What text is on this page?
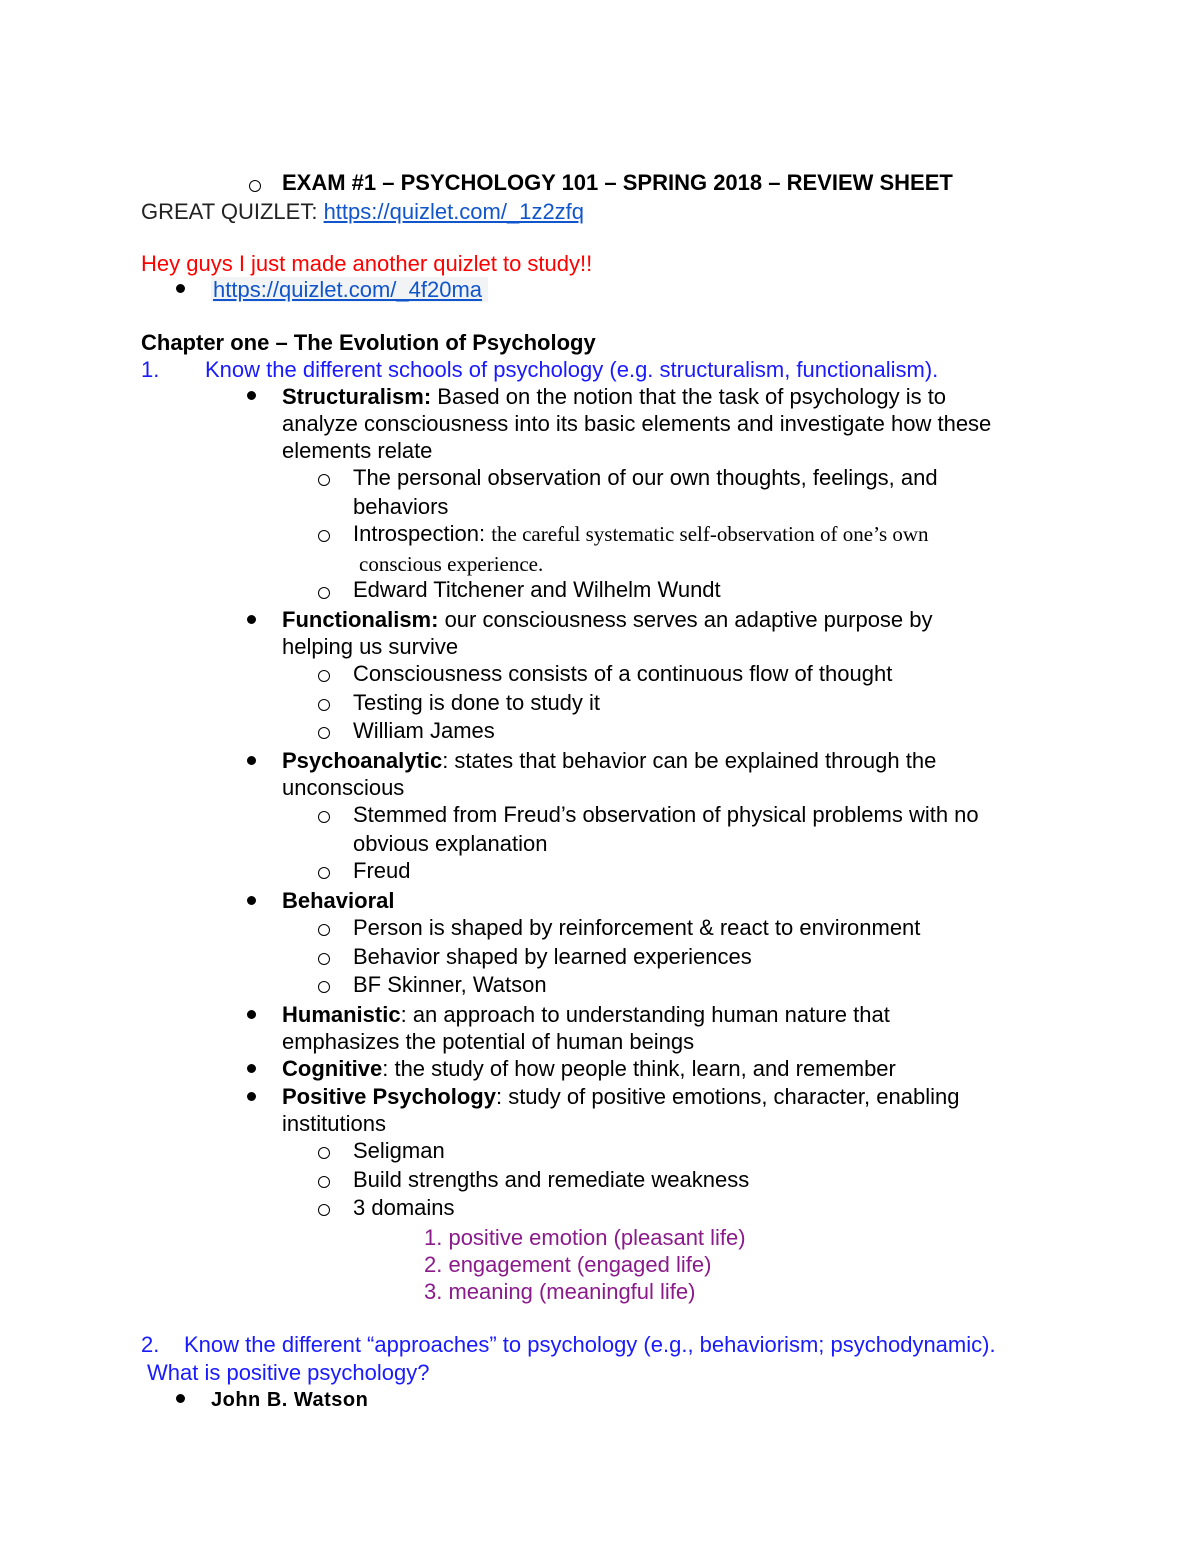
EXAM #1 – PSYCHOLOGY 101 – SPRING 2018 – REVIEW SHEET
GREAT QUIZLET: https://quizlet.com/_1z2zfq
Hey guys I just made another quizlet to study!!
https://quizlet.com/_4f20ma
Chapter one – The Evolution of Psychology
1. Know the different schools of psychology (e.g. structuralism, functionalism).
Structuralism: Based on the notion that the task of psychology is to
analyze consciousness into its basic elements and investigate how these
elements relate
The personal observation of our own thoughts, feelings, and
behaviors
Introspection: the careful systematic self-observation of one’s own
conscious experience.
Edward Titchener and Wilhelm Wundt
Functionalism: our consciousness serves an adaptive purpose by
helping us survive
Consciousness consists of a continuous flow of thought
Testing is done to study it
William James
Psychoanalytic: states that behavior can be explained through the
unconscious
Stemmed from Freud’s observation of physical problems with no
obvious explanation
Freud
Behavioral
Person is shaped by reinforcement & react to environment
Behavior shaped by learned experiences
BF Skinner, Watson
Humanistic: an approach to understanding human nature that
emphasizes the potential of human beings
Cognitive: the study of how people think, learn, and remember
Positive Psychology: study of positive emotions, character, enabling
institutions
Seligman
Build strengths and remediate weakness
3 domains
1. positive emotion (pleasant life)
2. engagement (engaged life)
3. meaning (meaningful life)
2. Know the different “approaches” to psychology (e.g., behaviorism; psychodynamic).
What is positive psychology?
John B. Watson
